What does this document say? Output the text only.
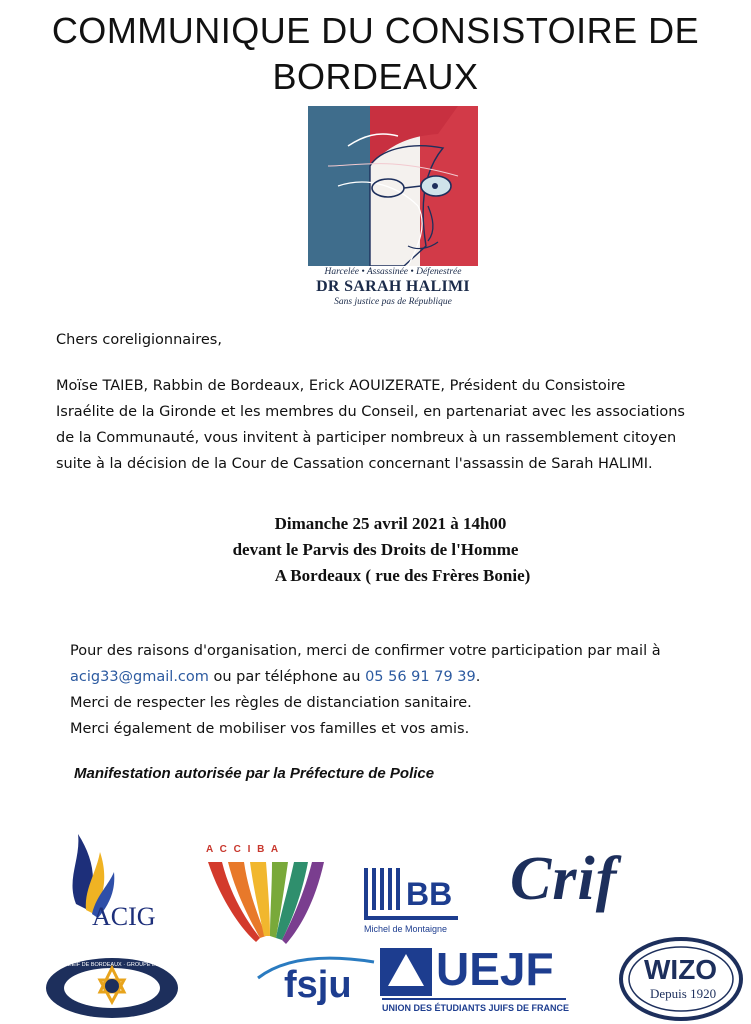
COMMUNIQUE DU CONSISTOIRE DE
BORDEAUX
Harcelée • Assassinée • Défenestrée
DR SARAH HALIMI
Sans justice pas de République
Chers coreligionnaires,
Moïse TAIEB, Rabbin de Bordeaux, Erick AOUIZERATE, Président du Consistoire
Israélite de la Gironde et les membres du Conseil, en partenariat avec les associations
de la Communauté, vous invitent à participer nombreux à un rassemblement citoyen
suite à la décision de la Cour de Cassation concernant l'assassin de Sarah HALIMI.
Dimanche 25 avril 2021 à 14h00
devant le Parvis des Droits de l'Homme
A Bordeaux ( rue des Frères Bonie)
Pour des raisons d'organisation, merci de confirmer votre participation par mail à
acig33@gmail.com ou par téléphone au 05 56 91 79 39.
Merci de respecter les règles de distanciation sanitaire.
Merci également de mobiliser vos familles et vos amis.
Manifestation autorisée par la Préfecture de Police
ACIG
A C C I B A
BB
Michel de Montaigne
Crif
LES EEIF DE BORDEAUX · GROUPE LOCAL COHAV fsju UEJF
UNION DES ÉTUDIANTS JUIFS DE FRANCE
WIZO
Depuis 1920
